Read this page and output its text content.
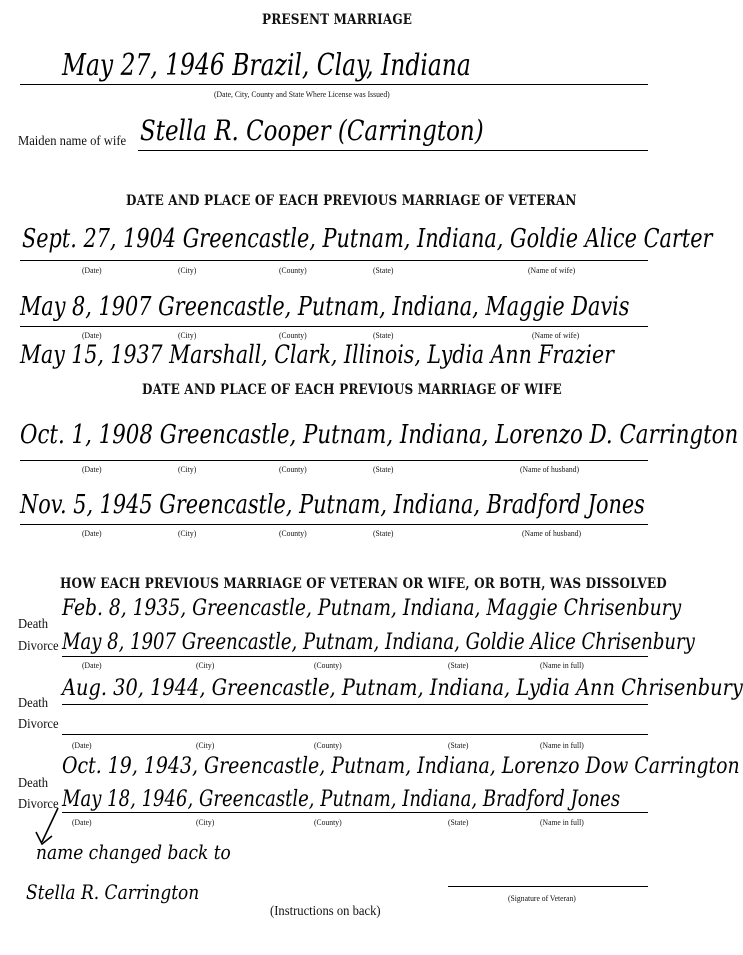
PRESENT MARRIAGE
May 27, 1946 Brazil, Clay, Indiana
(Date, City, County and State Where License was Issued)
Maiden name of wife Stella R. Cooper (Carrington)
DATE AND PLACE OF EACH PREVIOUS MARRIAGE OF VETERAN
Sept. 27, 1904 Greencastle, Putnam, Indiana, Goldie Alice Carter
(Date)	(City)	(County)	(State)	(Name of wife)
May 8, 1907 Greencastle, Putnam, Indiana, Maggie Davis
(Date)	(City)	(County)	(State)	(Name of wife)
May 15, 1937 Marshall, Clark, Illinois, Lydia Ann Frazier
DATE AND PLACE OF EACH PREVIOUS MARRIAGE OF WIFE
Oct. 1, 1908 Greencastle, Putnam, Indiana, Lorenzo D. Carrington
(Date)	(City)	(County)	(State)	(Name of husband)
Nov. 5, 1945 Greencastle, Putnam, Indiana, Bradford Jones
(Date)	(City)	(County)	(State)	(Name of husband)
HOW EACH PREVIOUS MARRIAGE OF VETERAN OR WIFE, OR BOTH, WAS DISSOLVED
Death
Feb. 8, 1935, Greencastle, Putnam, Indiana, Maggie Chrisenbury
Divorce May 8, 1907 Greencastle, Putnam, Indiana, Goldie Alice Chrisenbury
(Date)	(City)	(County)	(State)	(Name in full)
Death
Aug. 30, 1944, Greencastle, Putnam, Indiana, Lydia Ann Chrisenbury
Divorce
(Date)	(City)	(County)	(State)	(Name in full)
Death
Oct. 19, 1943, Greencastle, Putnam, Indiana, Lorenzo Dow Carrington
Divorce May 18, 1946, Greencastle, Putnam, Indiana, Bradford Jones
(Date)	(City)	(County)	(State)	(Name in full)
name changed back to
Stella R. Carrington	(Signature of Veteran)
(Instructions on back)
